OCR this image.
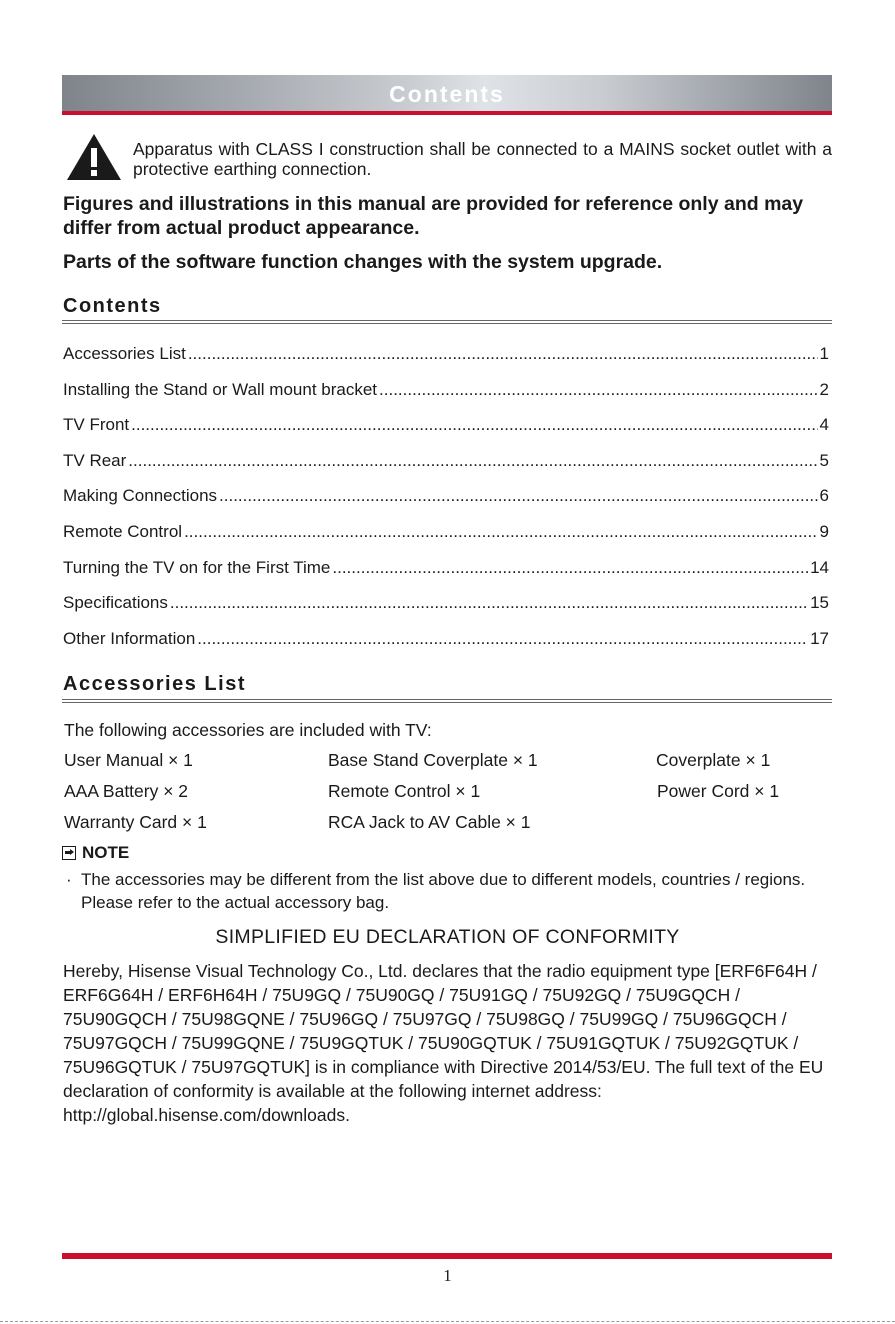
Contents
Apparatus with CLASS I construction shall be connected to a MAINS socket outlet with a protective earthing connection.
Figures and illustrations in this manual are provided for reference only and may differ from actual product appearance.
Parts of the software function changes with the system upgrade.
Contents
Accessories List .....	1
Installing the Stand or Wall mount bracket .....	2
TV Front .....	4
TV Rear .....	5
Making Connections .....	6
Remote Control .....	9
Turning the TV on for the First Time .....	14
Specifications .....	15
Other Information .....	17
Accessories List
The following accessories are included with TV:
User Manual × 1	Base Stand Coverplate × 1	Coverplate × 1
AAA Battery × 2	Remote Control × 1	Power Cord × 1
Warranty Card × 1	RCA Jack to AV Cable × 1
NOTE
· The accessories may be different from the list above due to different models, countries / regions. Please refer to the actual accessory bag.
SIMPLIFIED EU DECLARATION OF CONFORMITY
Hereby, Hisense Visual Technology Co., Ltd. declares that the radio equipment type [ERF6F64H / ERF6G64H / ERF6H64H / 75U9GQ / 75U90GQ / 75U91GQ / 75U92GQ / 75U9GQCH / 75U90GQCH / 75U98GQNE / 75U96GQ / 75U97GQ / 75U98GQ / 75U99GQ / 75U96GQCH / 75U97GQCH / 75U99GQNE / 75U9GQTUK / 75U90GQTUK / 75U91GQTUK / 75U92GQTUK / 75U96GQTUK / 75U97GQTUK] is in compliance with Directive 2014/53/EU. The full text of the EU declaration of conformity is available at the following internet address: http://global.hisense.com/downloads.
1
